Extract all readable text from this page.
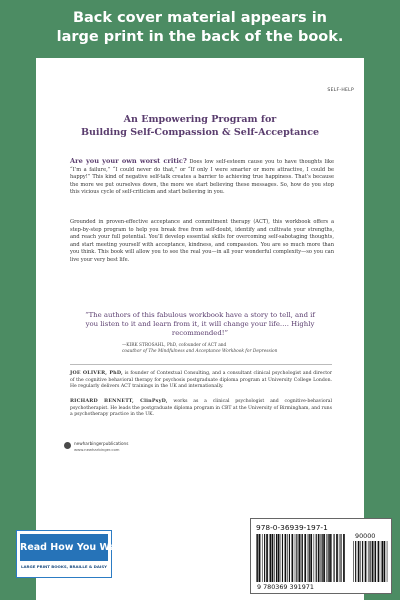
Back cover material appears in
large print in the back of the book.
SELF-HELP
An Empowering Program for
Building Self-Compassion & Self-Acceptance
Are you your own worst critic? Does low self-esteem cause you to have thoughts like “I’m a failure,” “I could never do that,” or “If only I were smarter or more attractive, I could be happy!” This kind of negative self-talk creates a barrier to achieving true happiness. That’s because the more we put ourselves down, the more we start believing these messages. So, how do you stop this vicious cycle of self-criticism and start believing in you.
Grounded in proven-effective acceptance and commitment therapy (ACT), this workbook offers a step-by-step program to help you break free from self-doubt, identify and cultivate your strengths, and reach your full potential. You’ll develop essential skills for overcoming self-sabotaging thoughts, and start meeting yourself with acceptance, kindness, and compassion. You are so much more than you think. This book will allow you to see the real you—in all your wonderful complexity—so you can live your very best life.
“The authors of this fabulous workbook have a story to tell, and if you listen to it and learn from it, it will change your life…. Highly recommended!”
—KIRK STROSAHL, PhD, cofounder of ACT and
coauthor of The Mindfulness and Acceptance Workbook for Depression
JOE OLIVER, PhD, is founder of Contextual Consulting, and a consultant clinical psychologist and director of the cognitive behavioral therapy for psychosis postgraduate diploma program at University College London. He regularly delivers ACT trainings in the UK and internationally.
RICHARD BENNETT, ClinPsyD, works as a clinical psychologist and cognitive-behavioral psychotherapist. He leads the postgraduate diploma program in CBT at the University of Birmingham, and runs a psychotherapy practice in the UK.
newharbingerpublications
www.newharbinger.com
978-0-36939-197-1
90000
9 780369 391971
Read How You Want
LARGE PRINT BOOKS, BRAILLE & DAISY
